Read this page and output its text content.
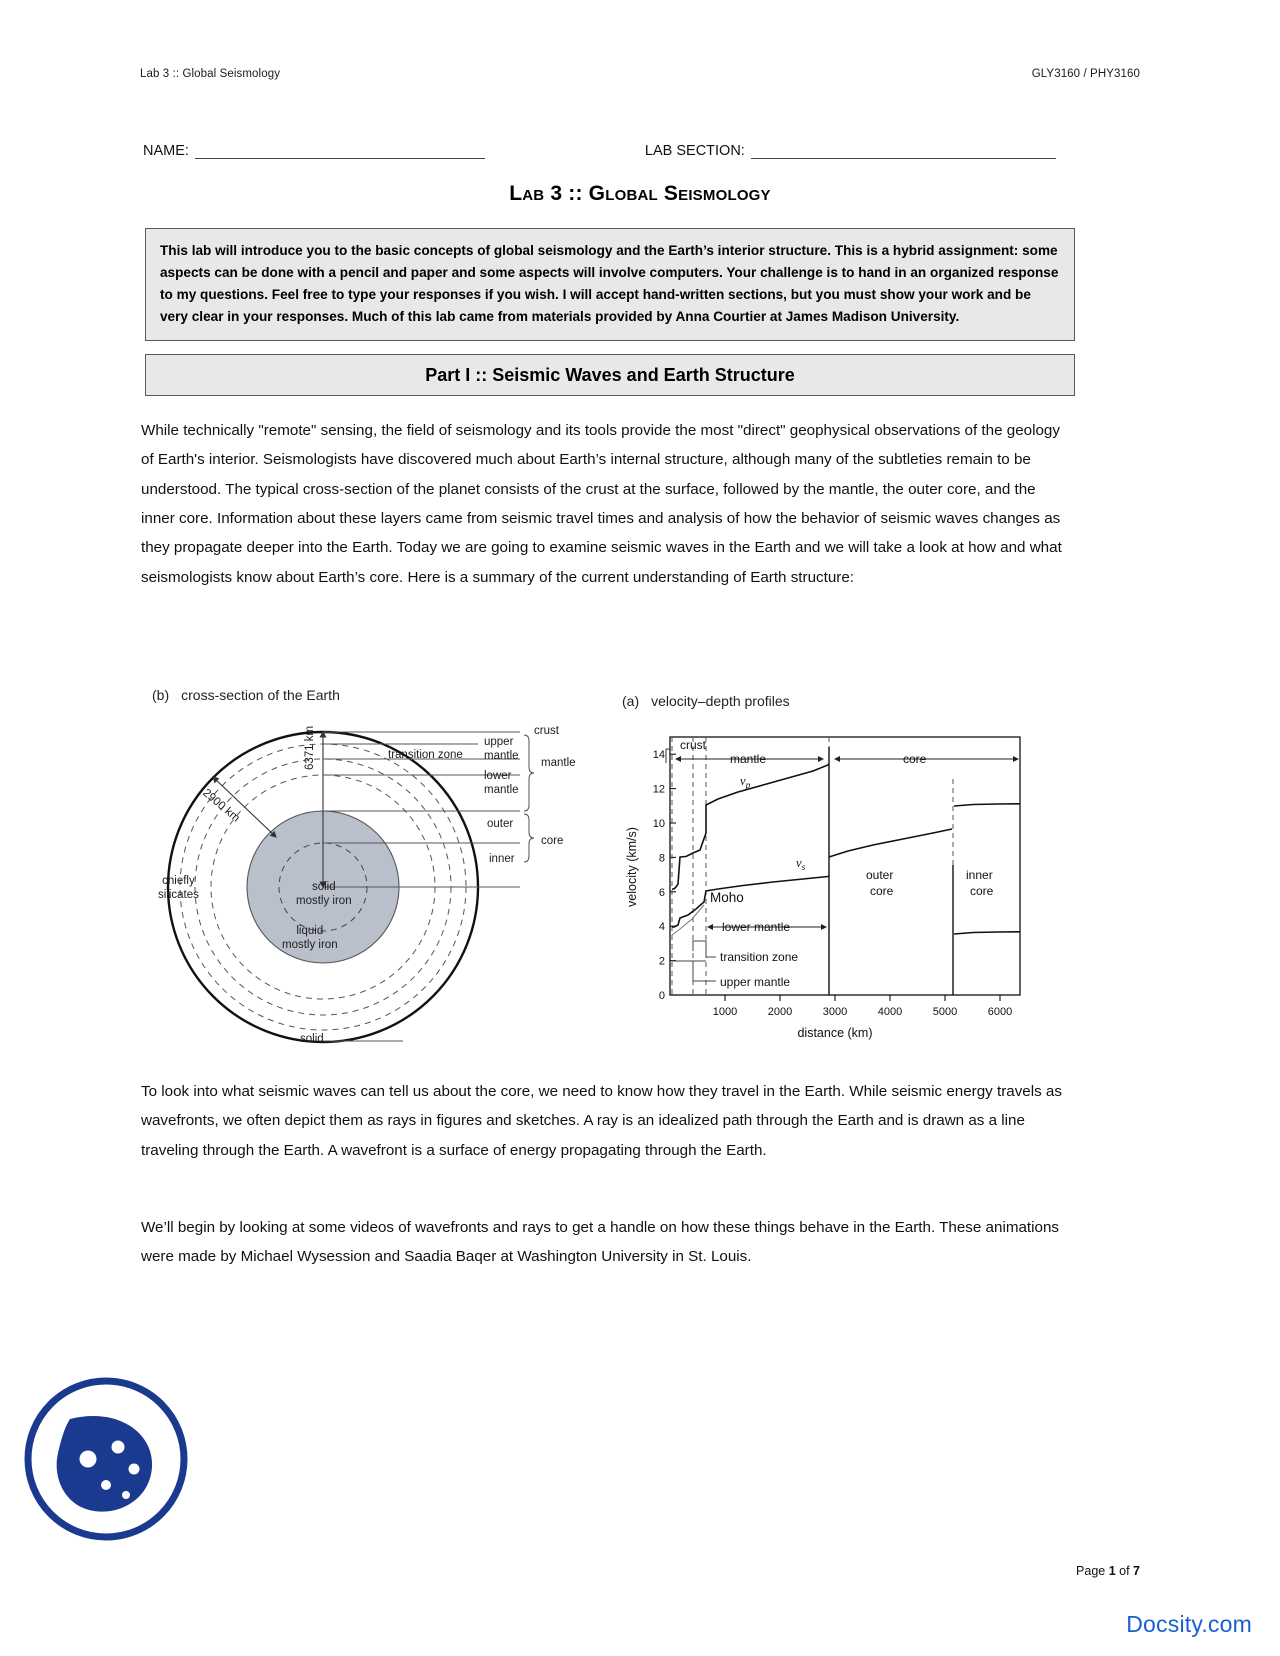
Lab 3 :: Global Seismology	GLY3160 / PHY3160
NAME:	LAB SECTION:
Lab 3 :: Global Seismology

This lab will introduce you to the basic concepts of global seismology and the Earth’s interior structure. This is a hybrid assignment: some aspects can be done with a pencil and paper and some aspects will involve computers. Your challenge is to hand in an organized response to my questions. Feel free to type your responses if you wish. I will accept hand-written sections, but you must show your work and be very clear in your responses. Much of this lab came from materials provided by Anna Courtier at James Madison University.

Part I :: Seismic Waves and Earth Structure
While technically "remote" sensing, the field of seismology and its tools provide the most "direct" geophysical observations of the geology of Earth's interior. Seismologists have discovered much about Earth’s internal structure, although many of the subtleties remain to be understood. The typical cross-section of the planet consists of the crust at the surface, followed by the mantle, the outer core, and the inner core. Information about these layers came from seismic travel times and analysis of how the behavior of seismic waves changes as they propagate deeper into the Earth. Today we are going to examine seismic waves in the Earth and we will take a look at how and what seismologists know about Earth’s core. Here is a summary of the current understanding of Earth structure:
(b) cross-section of the Earth	(a) velocity–depth profiles
6371 km
2900 km
chiefly
silicates
solid
mostly iron
liquid
mostly iron
solid
transition zone
crust
upper
mantle
lower
mantle
outer
inner
mantle
core
0
2
4
6
8
10
12
14
1000	2000	3000	4000	5000	6000
distance (km)
velocity (km/s)
crust
mantle	core
$v_p$
$v_s$
Moho
lower mantle
transition zone
upper mantle
outer
core
inner
core
To look into what seismic waves can tell us about the core, we need to know how they travel in the Earth. While seismic energy travels as wavefronts, we often depict them as rays in figures and sketches. A ray is an idealized path through the Earth and is drawn as a line traveling through the Earth. A wavefront is a surface of energy propagating through the Earth.
We’ll begin by looking at some videos of wavefronts and rays to get a handle on how these things behave in the Earth. These animations were made by Michael Wysession and Saadia Baqer at Washington University in St. Louis.
Page 1 of 7
Docsity.com
